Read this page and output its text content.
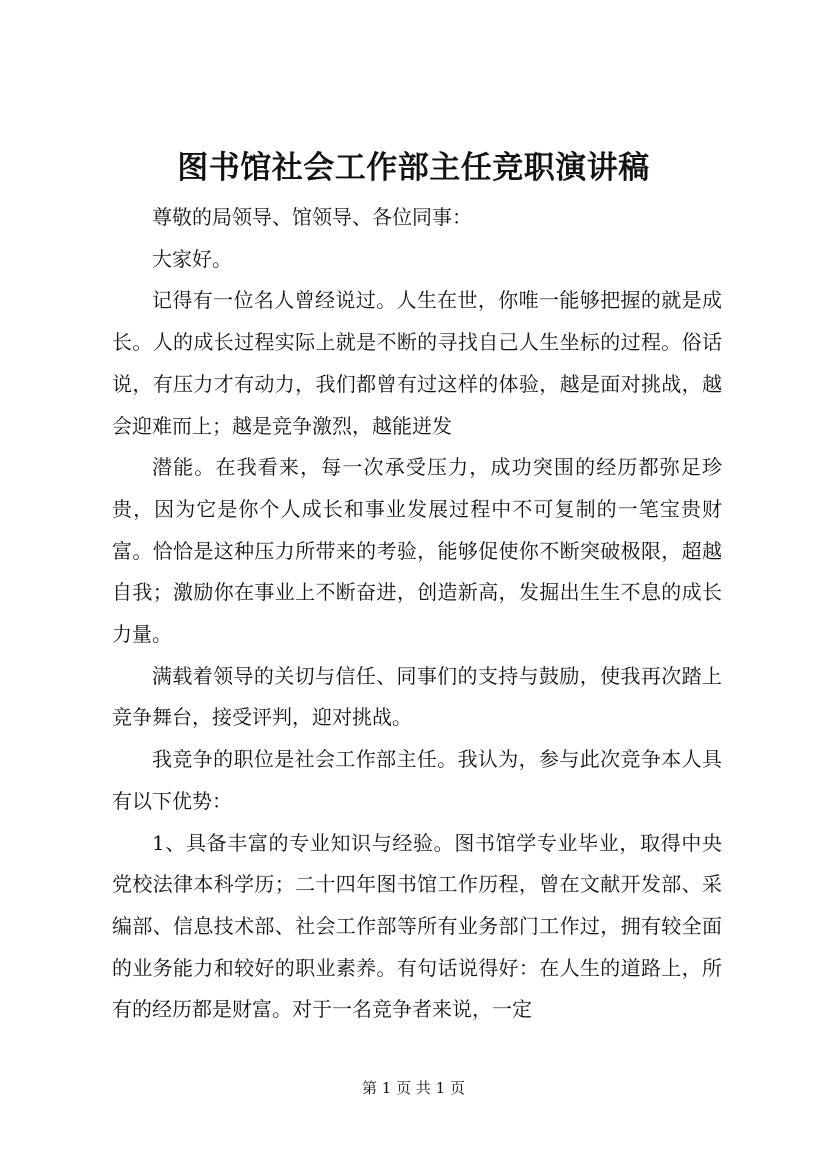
图书馆社会工作部主任竞职演讲稿

尊敬的局领导、馆领导、各位同事：

大家好。

记得有一位名人曾经说过。人生在世，你唯一能够把握的就是成长。人的成长过程实际上就是不断的寻找自己人生坐标的过程。俗话说，有压力才有动力，我们都曾有过这样的体验，越是面对挑战，越会迎难而上；越是竞争激烈，越能迸发

潜能。在我看来，每一次承受压力，成功突围的经历都弥足珍贵，因为它是你个人成长和事业发展过程中不可复制的一笔宝贵财富。恰恰是这种压力所带来的考验，能够促使你不断突破极限，超越自我；激励你在事业上不断奋进，创造新高，发掘出生生不息的成长力量。

满载着领导的关切与信任、同事们的支持与鼓励，使我再次踏上竞争舞台，接受评判，迎对挑战。

我竞争的职位是社会工作部主任。我认为，参与此次竞争本人具有以下优势：

1、具备丰富的专业知识与经验。图书馆学专业毕业，取得中央党校法律本科学历；二十四年图书馆工作历程，曾在文献开发部、采编部、信息技术部、社会工作部等所有业务部门工作过，拥有较全面的业务能力和较好的职业素养。有句话说得好：在人生的道路上，所有的经历都是财富。对于一名竞争者来说，一定

第 1 页 共 1 页
